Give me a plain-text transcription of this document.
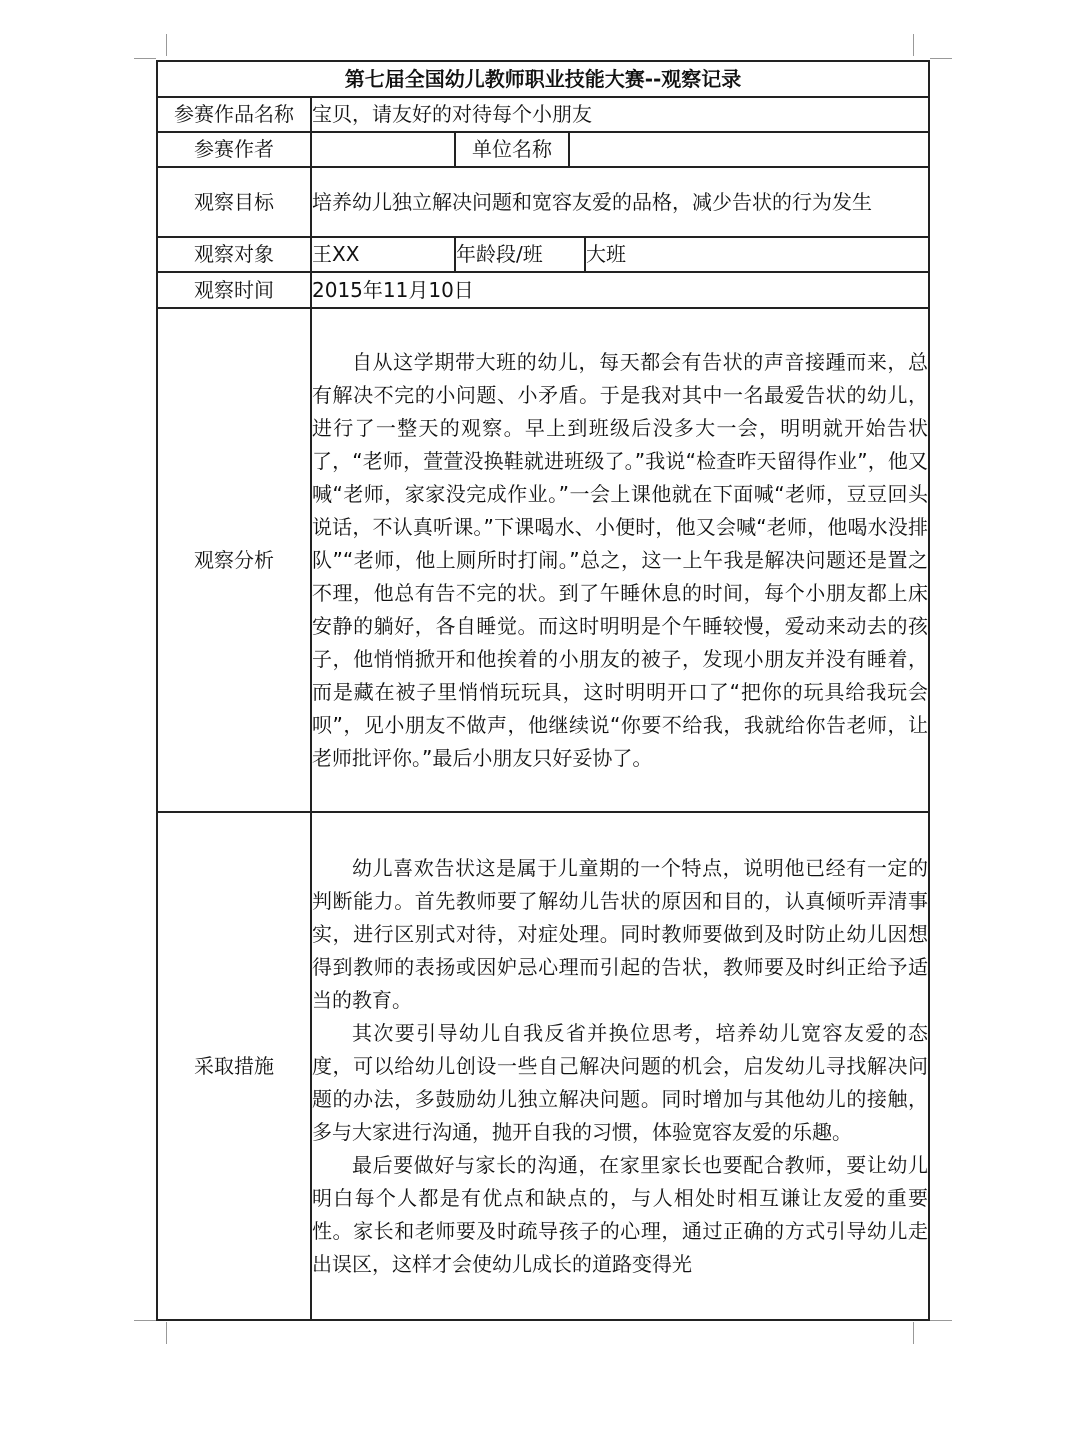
第七届全国幼儿教师职业技能大赛--观察记录				
参赛作品名称	宝贝，请友好的对待每个小朋友			
参赛作者		单位名称		
观察目标	培养幼儿独立解决问题和宽容友爱的品格，减少告状的行为发生			
观察对象	王XX	年龄段/班		大班
观察时间	2015年11月10日			
观察分析	自从这学期带大班的幼儿，每天都会有告状的声音接踵而来，总有解决不完的小问题、小矛盾。于是我对其中一名最爱告状的幼儿，进行了一整天的观察。早上到班级后没多大一会，明明就开始告状了，“老师，萱萱没换鞋就进班级了。”我说“检查昨天留得作业”，他又喊“老师，家家没完成作业。”一会上课他就在下面喊“老师，豆豆回头说话，不认真听课。”下课喝水、小便时，他又会喊“老师，他喝水没排队”“老师，他上厕所时打闹。”总之，这一上午我是解决问题还是置之不理，他总有告不完的状。到了午睡休息的时间，每个小朋友都上床安静的躺好，各自睡觉。而这时明明是个午睡较慢，爱动来动去的孩子，他悄悄掀开和他挨着的小朋友的被子，发现小朋友并没有睡着，而是藏在被子里悄悄玩玩具，这时明明开口了“把你的玩具给我玩会呗”，见小朋友不做声，他继续说“你要不给我，我就给你告老师，让老师批评你。”最后小朋友只好妥协了。			

采取措施	幼儿喜欢告状这是属于儿童期的一个特点，说明他已经有一定的判断能力。首先教师要了解幼儿告状的原因和目的，认真倾听弄清事实，进行区别式对待，对症处理。同时教师要做到及时防止幼儿因想得到教师的表扬或因妒忌心理而引起的告状，教师要及时纠正给予适当的教育。

其次要引导幼儿自我反省并换位思考，培养幼儿宽容友爱的态度，可以给幼儿创设一些自己解决问题的机会，启发幼儿寻找解决问题的办法，多鼓励幼儿独立解决问题。同时增加与其他幼儿的接触，多与大家进行沟通，抛开自我的习惯，体验宽容友爱的乐趣。

最后要做好与家长的沟通，在家里家长也要配合教师，要让幼儿明白每个人都是有优点和缺点的，与人相处时相互谦让友爱的重要性。家长和老师要及时疏导孩子的心理，通过正确的方式引导幼儿走出误区，这样才会使幼儿成长的道路变得光			
